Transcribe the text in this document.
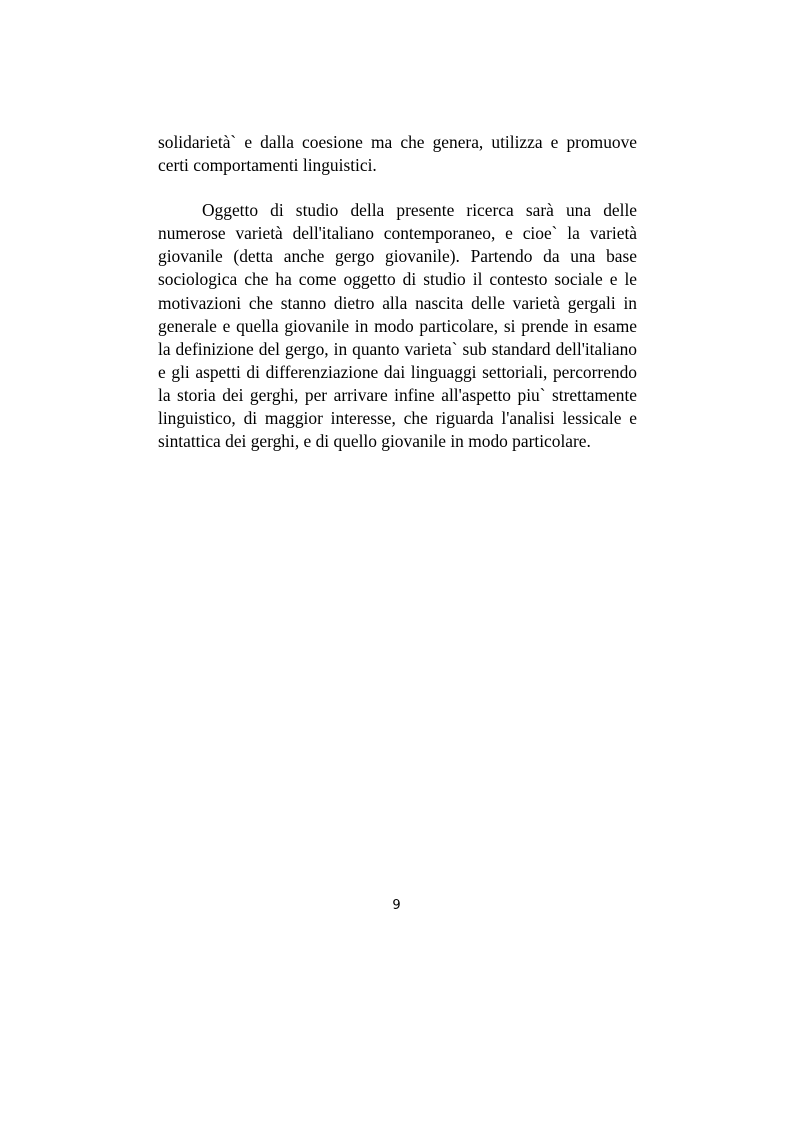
solidarietà` e dalla coesione ma che genera, utilizza e promuove certi comportamenti linguistici.

Oggetto di studio della presente ricerca sarà una delle numerose varietà dell'italiano contemporaneo, e cioe` la varietà giovanile (detta anche gergo giovanile). Partendo da una base sociologica che ha come oggetto di studio il contesto sociale e le motivazioni che stanno dietro alla nascita delle varietà gergali in generale e quella giovanile in modo particolare, si prende in esame la definizione del gergo, in quanto varieta` sub standard dell'italiano e gli aspetti di differenziazione dai linguaggi settoriali, percorrendo la storia dei gerghi, per arrivare infine all'aspetto piu` strettamente linguistico, di maggior interesse, che riguarda l'analisi lessicale e sintattica dei gerghi, e di quello giovanile in modo particolare.

9
